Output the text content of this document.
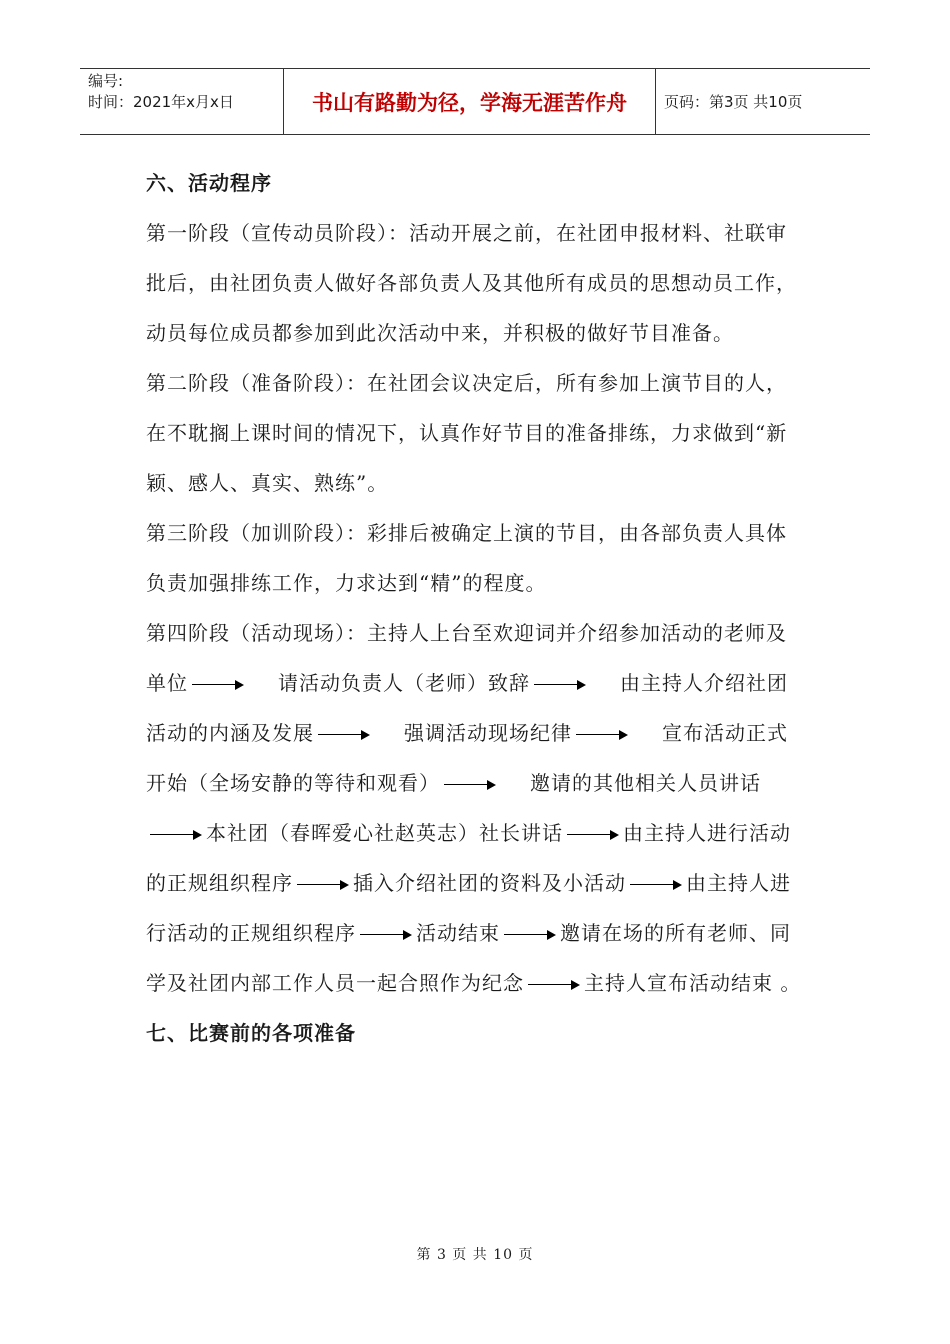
编号:
时间：2021年x月x日	书山有路勤为径，学海无涯苦作舟	页码：第3页 共10页

六、活动程序

第一阶段（宣传动员阶段）：活动开展之前，在社团申报材料、社联审批后，由社团负责人做好各部负责人及其他所有成员的思想动员工作，动员每位成员都参加到此次活动中来，并积极的做好节目准备。

第二阶段（准备阶段）：在社团会议决定后，所有参加上演节目的人，在不耽搁上课时间的情况下，认真作好节目的准备排练，力求做到“新颖、感人、真实、熟练”。

第三阶段（加训阶段）：彩排后被确定上演的节目，由各部负责人具体负责加强排练工作，力求达到“精”的程度。

第四阶段（活动现场）：主持人上台至欢迎词并介绍参加活动的老师及单位	请活动负责人（老师）致辞	由主持人介绍社团活动的内涵及发展	强调活动现场纪律	宣布活动正式开始（全场安静的等待和观看）	邀请的其他相关人员讲话
本社团（春晖爱心社赵英志）社长讲话	由主持人进行活动的正规组织程序	插入介绍社团的资料及小活动	由主持人进行活动的正规组织程序	活动结束	邀请在场的所有老师、同学及社团内部工作人员一起合照作为纪念	主持人宣布活动结束 。

七、比赛前的各项准备

第 3 页 共 10 页
